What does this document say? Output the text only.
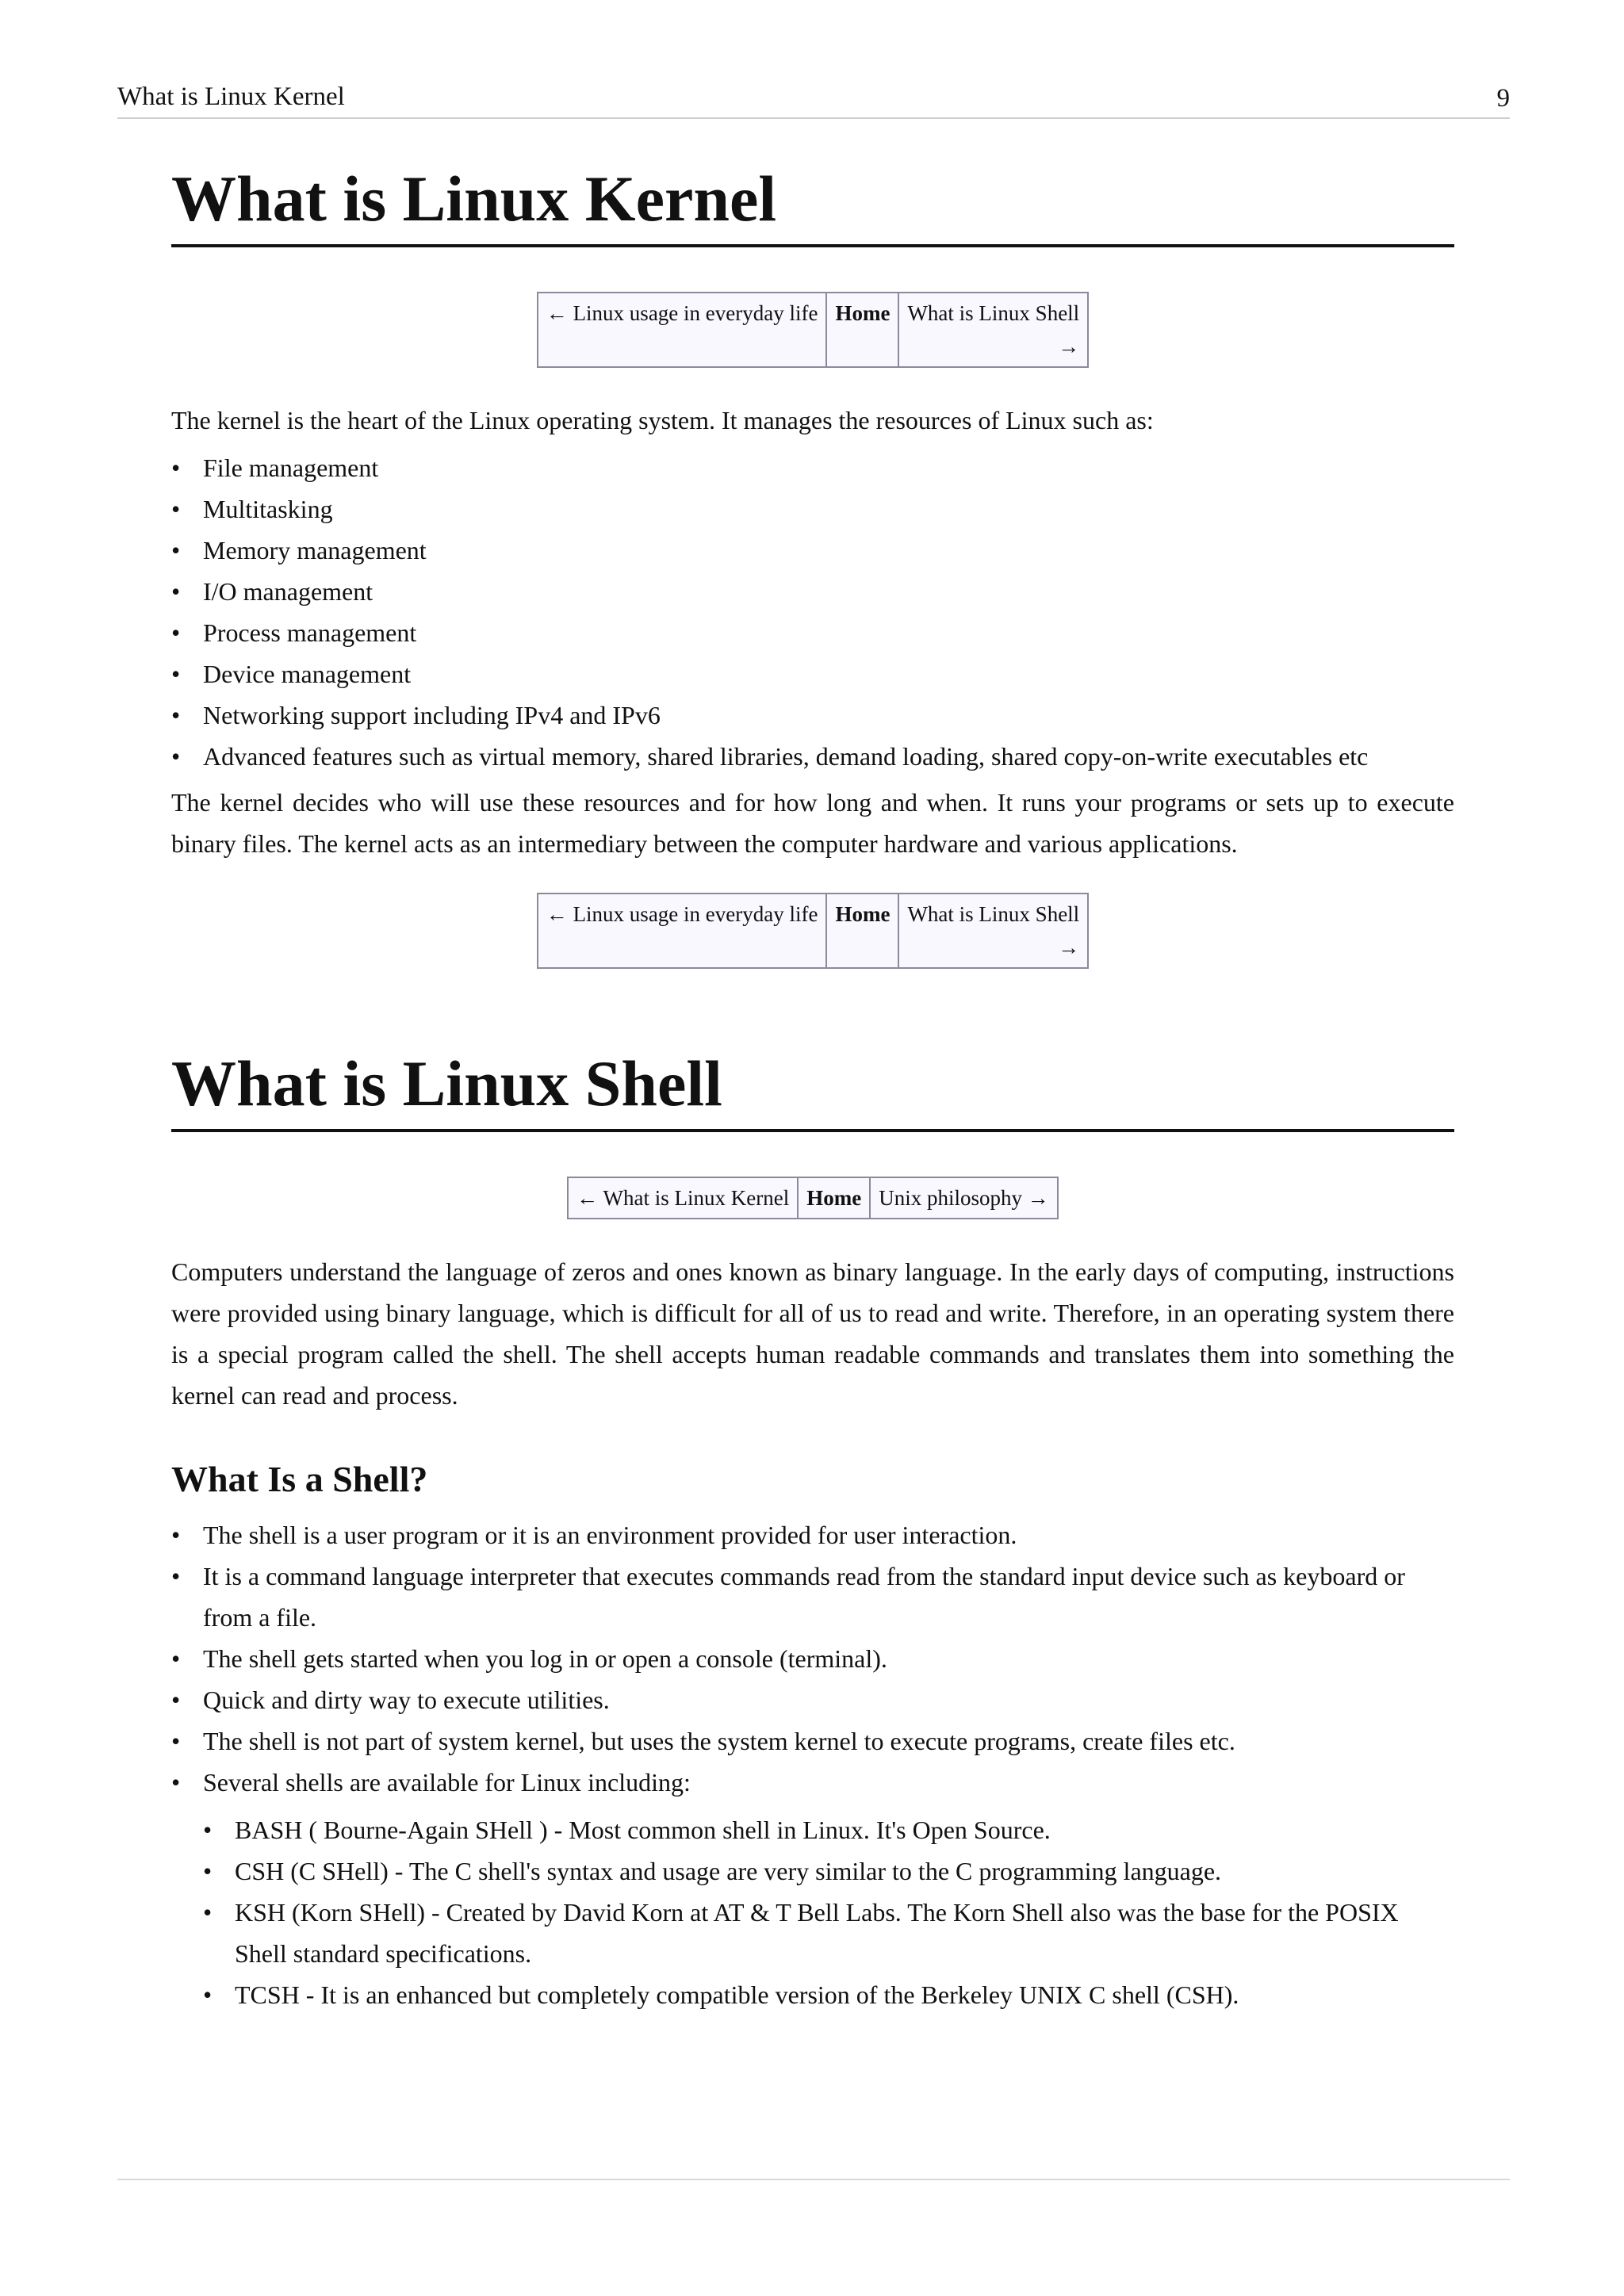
What is Linux Kernel	9
What is Linux Kernel
← Linux usage in everyday life	Home	What is Linux Shell
→

The kernel is the heart of the Linux operating system. It manages the resources of Linux such as:

• File management
• Multitasking
• Memory management
• I/O management
• Process management
• Device management
• Networking support including IPv4 and IPv6
• Advanced features such as virtual memory, shared libraries, demand loading, shared copy-on-write executables etc

The kernel decides who will use these resources and for how long and when. It runs your programs or sets up to execute binary files. The kernel acts as an intermediary between the computer hardware and various applications.

← Linux usage in everyday life	Home	What is Linux Shell
→
What is Linux Shell
← What is Linux Kernel	Home	Unix philosophy →

Computers understand the language of zeros and ones known as binary language. In the early days of computing, instructions were provided using binary language, which is difficult for all of us to read and write. Therefore, in an operating system there is a special program called the shell. The shell accepts human readable commands and translates them into something the kernel can read and process.

What Is a Shell?
• The shell is a user program or it is an environment provided for user interaction.
• It is a command language interpreter that executes commands read from the standard input device such as keyboard or from a file.
• The shell gets started when you log in or open a console (terminal).
• Quick and dirty way to execute utilities.
• The shell is not part of system kernel, but uses the system kernel to execute programs, create files etc.
• Several shells are available for Linux including:
• BASH ( Bourne-Again SHell ) - Most common shell in Linux. It's Open Source.
• CSH (C SHell) - The C shell's syntax and usage are very similar to the C programming language.
• KSH (Korn SHell) - Created by David Korn at AT & T Bell Labs. The Korn Shell also was the base for the POSIX Shell standard specifications.
• TCSH - It is an enhanced but completely compatible version of the Berkeley UNIX C shell (CSH).
